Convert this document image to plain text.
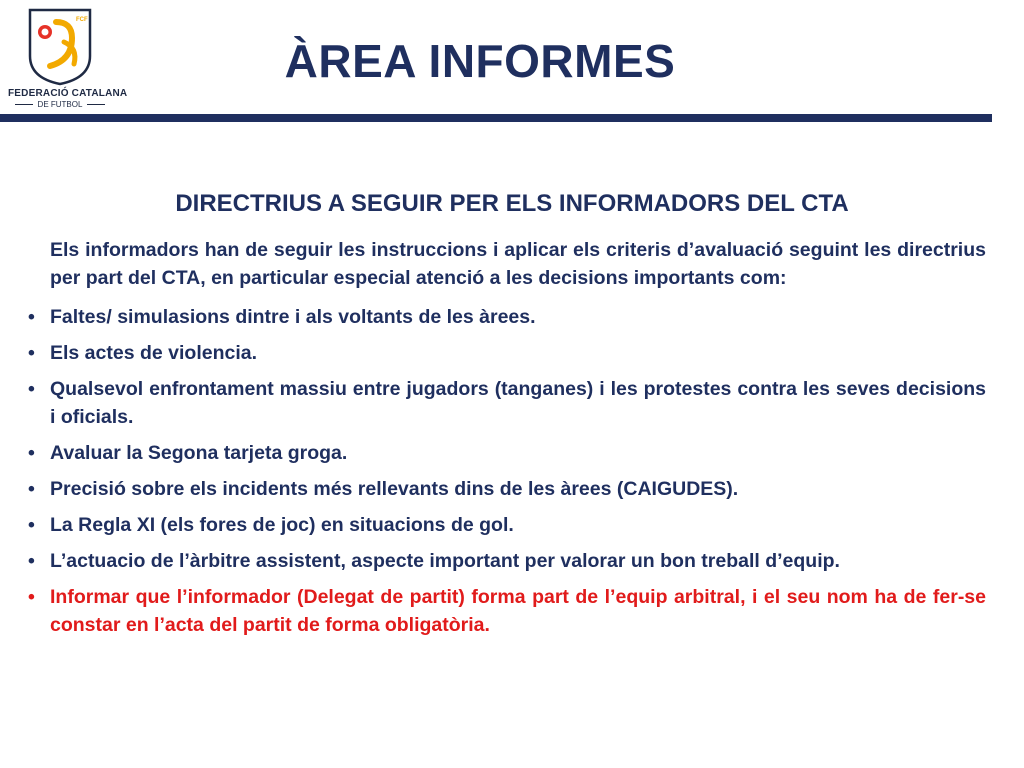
FCF
FEDERACIÓ CATALANA
DE FUTBOL
ÀREA INFORMES
DIRECTRIUS A SEGUIR PER ELS INFORMADORS DEL CTA

Els informadors han de seguir les instruccions i aplicar els criteris d’avaluació seguint les directrius per part del CTA, en particular especial atenció a les decisions importants com:

• Faltes/ simulasions dintre i als voltants de les àrees.
• Els actes de violencia.
• Qualsevol enfrontament massiu entre jugadors (tanganes) i les protestes contra les seves decisions i oficials.
• Avaluar la Segona tarjeta groga.
• Precisió sobre els incidents més rellevants dins de les àrees (CAIGUDES).
• La Regla XI (els fores de joc) en situacions de gol.
• L’actuacio de l’àrbitre assistent, aspecte important per valorar un bon treball d’equip.
• Informar que l’informador (Delegat de partit) forma part de l’equip arbitral, i el seu nom ha de fer-se constar en l’acta del partit de forma obligatòria.
